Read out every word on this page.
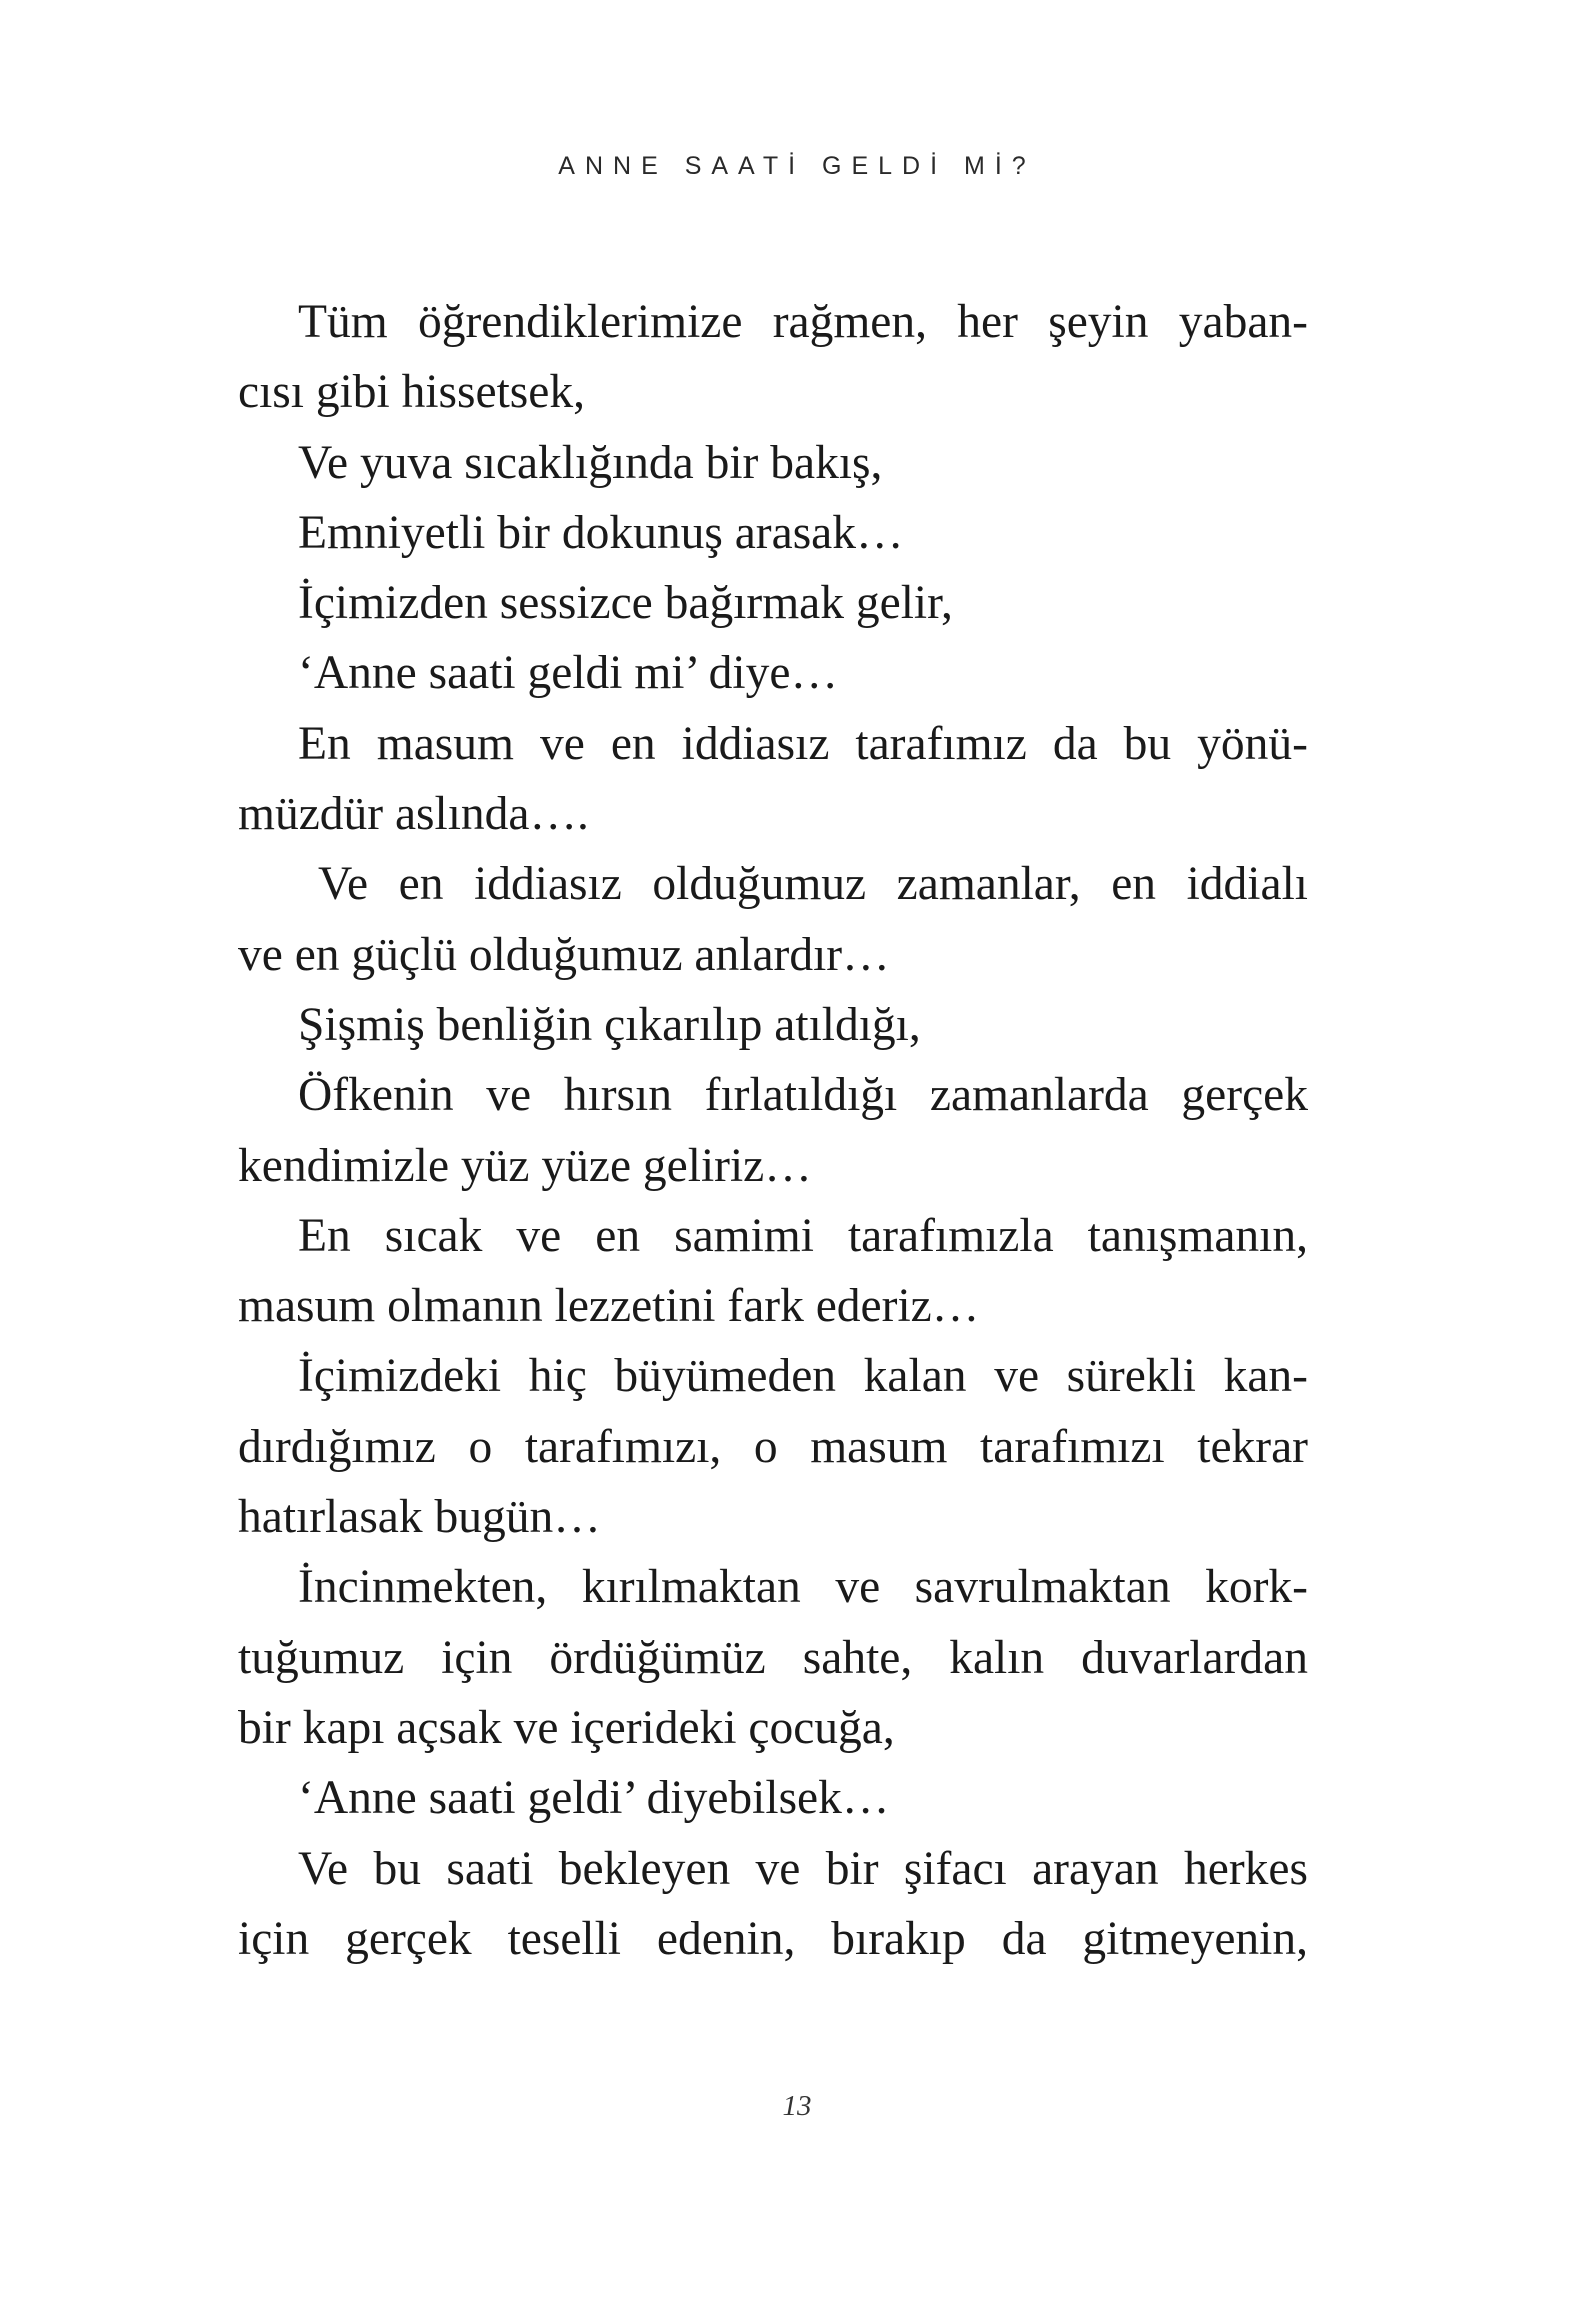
ANNE SAATİ GELDİ Mİ?
Tüm öğrendiklerimize rağmen, her şeyin yaban-
cısı gibi hissetsek,
Ve yuva sıcaklığında bir bakış,
Emniyetli bir dokunuş arasak…
İçimizden sessizce bağırmak gelir,
‘Anne saati geldi mi’ diye…
En masum ve en iddiasız tarafımız da bu yönü-
müzdür aslında….
Ve en iddiasız olduğumuz zamanlar, en iddialı
ve en güçlü olduğumuz anlardır…
Şişmiş benliğin çıkarılıp atıldığı,
Öfkenin ve hırsın fırlatıldığı zamanlarda gerçek
kendimizle yüz yüze geliriz…
En sıcak ve en samimi tarafımızla tanışmanın,
masum olmanın lezzetini fark ederiz…
İçimizdeki hiç büyümeden kalan ve sürekli kan-
dırdığımız o tarafımızı, o masum tarafımızı tekrar
hatırlasak bugün…
İncinmekten, kırılmaktan ve savrulmaktan kork-
tuğumuz için ördüğümüz sahte, kalın duvarlardan
bir kapı açsak ve içerideki çocuğa,
‘Anne saati geldi’ diyebilsek…
Ve bu saati bekleyen ve bir şifacı arayan herkes
için gerçek teselli edenin, bırakıp da gitmeyenin,
13
